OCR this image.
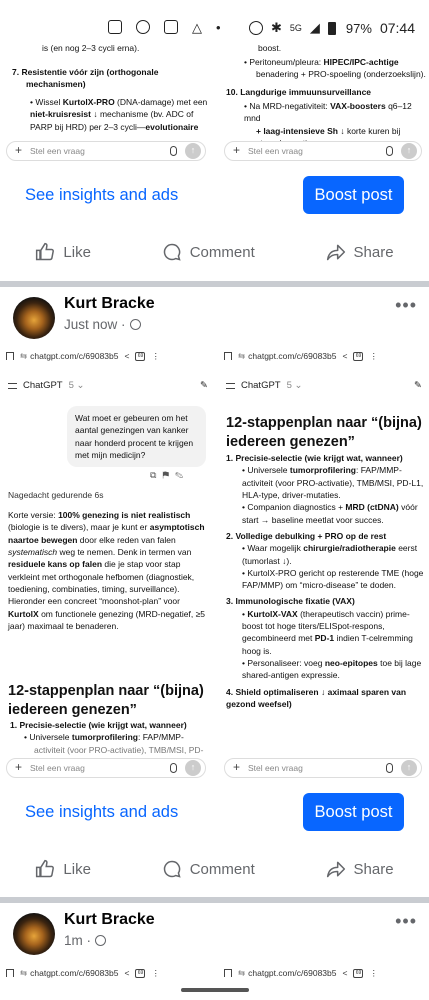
△ •	✱ 5G ◢ 97% 07:44
is (en nog 2–3 cycli erna).
7. Resistentie vóór zijn (orthogonale
mechanismen)
• Wissel KurtolX-PRO (DNA-damage) met een
niet-kruisresist ↓ mechanisme (bv. ADC of
PARP bij HRD) per 2–3 cycli—evolutionaire
+ Stel een vraag	↑
boost.
• Peritoneum/pleura: HIPEC/IPC-achtige
benadering + PRO-spoeling (onderzoekslijn).
10. Langdurige immuunsurveillance
• Na MRD-negativiteit: VAX-boosters q6–12 mnd
+ laag-intensieve Sh ↓ korte kuren bij

+ Stel een vraag	↑
See insights and ads	Boost post
Like	Comment	Share
Kurt Bracke
Just now ·
•••
⇆ chatgpt.com/c/69083b5 <	69 ⋮
ChatGPT 5 ⌄	✎
Wat moet er gebeuren om het aantal genezingen van kanker naar honderd procent te krijgen met mijn medicijn?
⧉⚑✎
Nagedacht gedurende 6s
Korte versie: 100% genezing is niet realistisch (biologie is te divers), maar je kunt er asymptotisch naartoe bewegen door elke reden van falen systematisch weg te nemen. Denk in termen van residuele kans op falen die je stap voor stap verkleint met orthogonale hefbomen (diagnostiek, toediening, combinaties, timing, surveillance). Hieronder een concreet “moonshot-plan” voor KurtolX om functionele genezing (MRD-negatief, ≥5 jaar) maximaal te benaderen.
12-stappenplan naar “(bijna) iedereen genezen”
1. Precisie-selectie (wie krijgt wat, wanneer)
• Universele tumorprofilering: FAP/MMP-
activiteit (voor PRO-activatie), TMB/MSI, PD-
+ Stel een vraag	↑
⇆ chatgpt.com/c/69083b5 <	69 ⋮
ChatGPT 5 ⌄	✎
12-stappenplan naar “(bijna) iedereen genezen”
1. Precisie-selectie (wie krijgt wat, wanneer)
• Universele tumorprofilering: FAP/MMP-activiteit (voor PRO-activatie), TMB/MSI, PD-L1, HLA-type, driver-mutaties.
• Companion diagnostics + MRD (ctDNA) vóór start → baseline meetlat voor succes.
2. Volledige debulking + PRO op de rest
• Waar mogelijk chirurgie/radiotherapie eerst (tumorlast ↓).
• KurtolX-PRO gericht op resterende TME (hoge FAP/MMP) om “micro-disease” te doden.
3. Immunologische fixatie (VAX)
• KurtolX-VAX (therapeutisch vaccin) prime-boost tot hoge titers/ELISpot-respons, gecombineerd met PD-1 indien T-celremming hoog is.
• Personaliseer: voeg neo-epitopes toe bij lage shared-antigen expressie.
4. Shield optimaliseren ↓ aximaal sparen van gezond weefsel)
+ Stel een vraag	↑
See insights and ads	Boost post
Like	Comment	Share
Kurt Bracke
1m ·
•••
⇆ chatgpt.com/c/69083b5 <	69 ⋮	⇆ chatgpt.com/c/69083b5 <	69 ⋮
